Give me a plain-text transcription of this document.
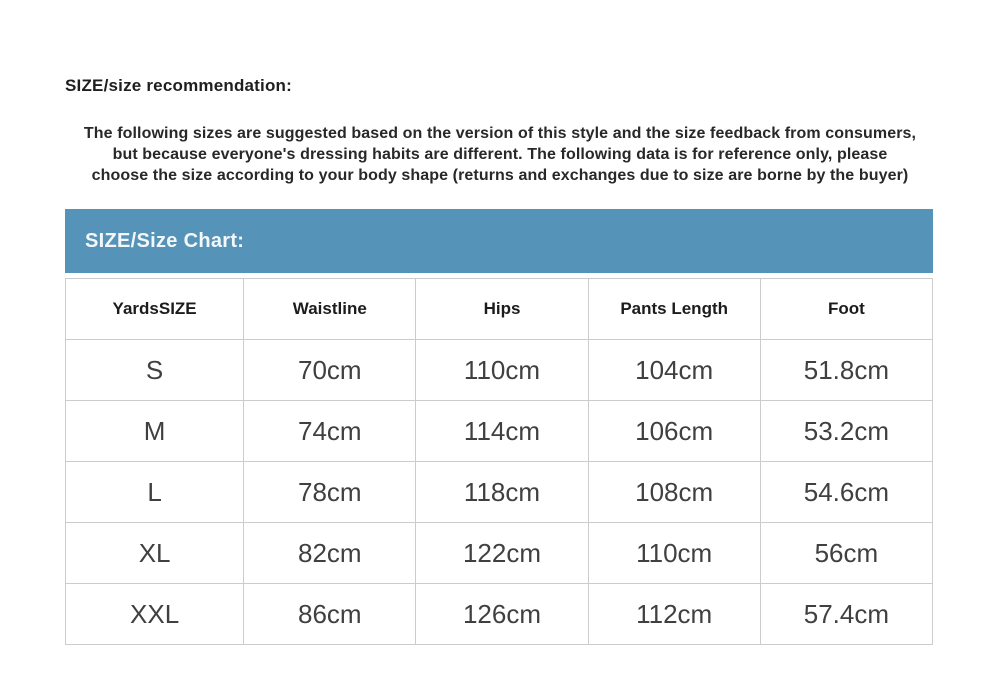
SIZE/size recommendation:
The following sizes are suggested based on the version of this style and the size feedback from consumers,
but because everyone's dressing habits are different. The following data is for reference only, please
choose the size according to your body shape (returns and exchanges due to size are borne by the buyer)
SIZE/Size Chart:
YardsSIZE	Waistline	Hips	Pants Length	Foot
S	70cm	110cm	104cm	51.8cm
M	74cm	114cm	106cm	53.2cm
L	78cm	118cm	108cm	54.6cm
XL	82cm	122cm	110cm	56cm
XXL	86cm	126cm	112cm	57.4cm
